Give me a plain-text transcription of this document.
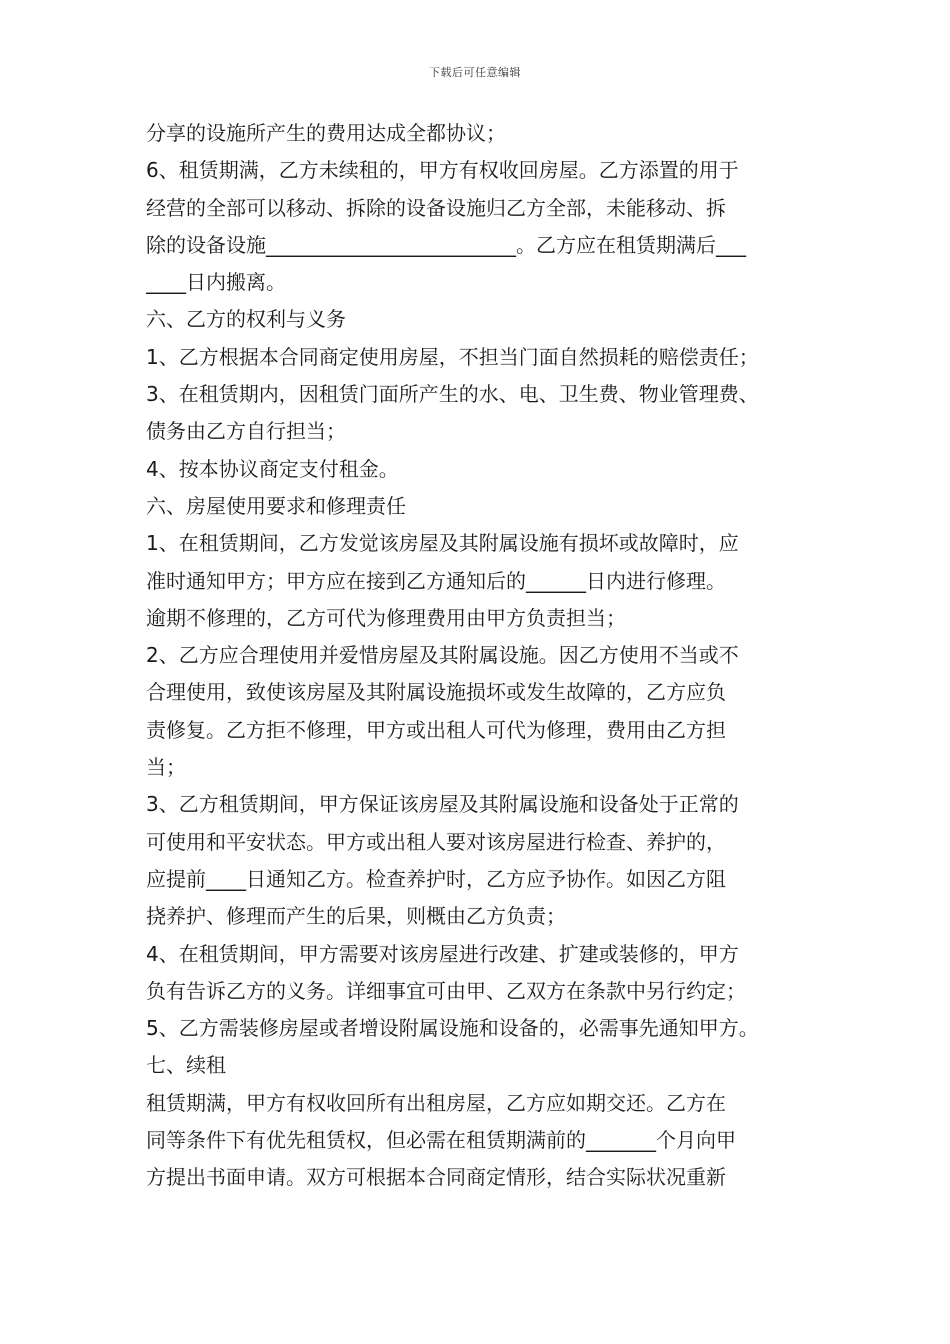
下载后可任意编辑
分享的设施所产生的费用达成全都协议；
6、租赁期满，乙方未续租的，甲方有权收回房屋。乙方添置的用于
经营的全部可以移动、拆除的设备设施归乙方全部，未能移动、拆
除的设备设施_________________________。乙方应在租赁期满后___
____日内搬离。
六、乙方的权利与义务
1、乙方根据本合同商定使用房屋，不担当门面自然损耗的赔偿责任；
3、在租赁期内，因租赁门面所产生的水、电、卫生费、物业管理费、
债务由乙方自行担当；
4、按本协议商定支付租金。
六、房屋使用要求和修理责任
1、在租赁期间，乙方发觉该房屋及其附属设施有损坏或故障时，应
准时通知甲方；甲方应在接到乙方通知后的______日内进行修理。
逾期不修理的，乙方可代为修理费用由甲方负责担当；
2、乙方应合理使用并爱惜房屋及其附属设施。因乙方使用不当或不
合理使用，致使该房屋及其附属设施损坏或发生故障的，乙方应负
责修复。乙方拒不修理，甲方或出租人可代为修理，费用由乙方担
当；
3、乙方租赁期间，甲方保证该房屋及其附属设施和设备处于正常的
可使用和平安状态。甲方或出租人要对该房屋进行检查、养护的，
应提前____日通知乙方。检查养护时，乙方应予协作。如因乙方阻
挠养护、修理而产生的后果，则概由乙方负责；
4、在租赁期间，甲方需要对该房屋进行改建、扩建或装修的，甲方
负有告诉乙方的义务。详细事宜可由甲、乙双方在条款中另行约定；
5、乙方需装修房屋或者增设附属设施和设备的，必需事先通知甲方。
七、续租
租赁期满，甲方有权收回所有出租房屋，乙方应如期交还。乙方在
同等条件下有优先租赁权，但必需在租赁期满前的_______个月向甲
方提出书面申请。双方可根据本合同商定情形，结合实际状况重新
